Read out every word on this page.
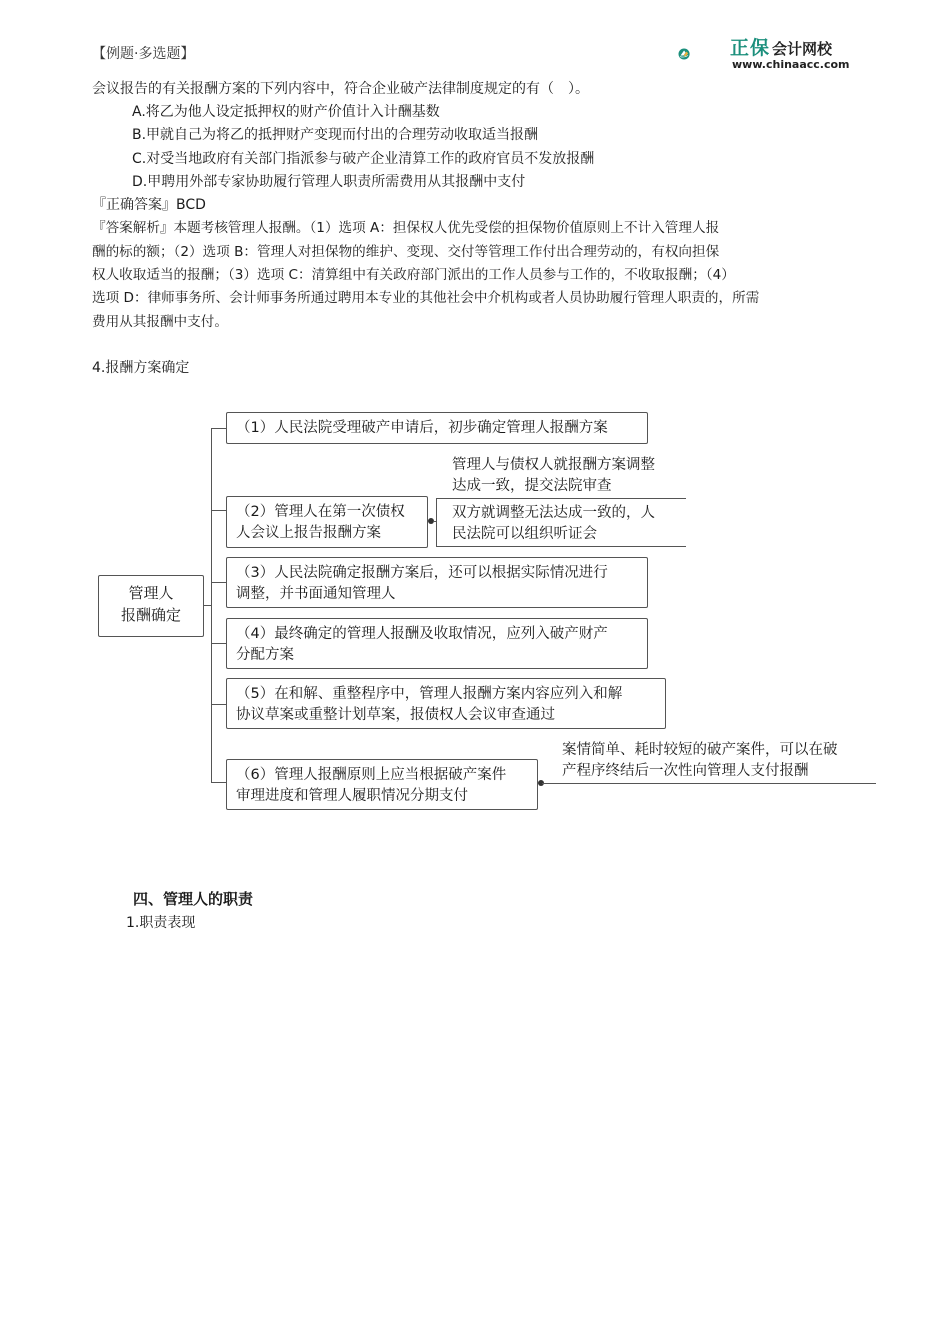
【例题·多选题】	正保 会计网校
www.chinaacc.com
会议报告的有关报酬方案的下列内容中，符合企业破产法律制度规定的有（　）。
A.将乙为他人设定抵押权的财产价值计入计酬基数
B.甲就自己为将乙的抵押财产变现而付出的合理劳动收取适当报酬
C.对受当地政府有关部门指派参与破产企业清算工作的政府官员不发放报酬
D.甲聘用外部专家协助履行管理人职责所需费用从其报酬中支付
『正确答案』BCD
『答案解析』本题考核管理人报酬。（1）选项 A：担保权人优先受偿的担保物价值原则上不计入管理人报
酬的标的额；（2）选项 B：管理人对担保物的维护、变现、交付等管理工作付出合理劳动的，有权向担保
权人收取适当的报酬；（3）选项 C：清算组中有关政府部门派出的工作人员参与工作的，不收取报酬；（4）
选项 D：律师事务所、会计师事务所通过聘用本专业的其他社会中介机构或者人员协助履行管理人职责的，所需
费用从其报酬中支付。
4.报酬方案确定
管理人
报酬确定
（1）人民法院受理破产申请后，初步确定管理人报酬方案
（2）管理人在第一次债权
人会议上报告报酬方案
管理人与债权人就报酬方案调整
达成一致，提交法院审查
双方就调整无法达成一致的，人
民法院可以组织听证会
（3）人民法院确定报酬方案后，还可以根据实际情况进行
调整，并书面通知管理人
（4）最终确定的管理人报酬及收取情况，应列入破产财产
分配方案
（5）在和解、重整程序中，管理人报酬方案内容应列入和解
协议草案或重整计划草案，报债权人会议审查通过
（6）管理人报酬原则上应当根据破产案件
审理进度和管理人履职情况分期支付
案情简单、耗时较短的破产案件，可以在破
产程序终结后一次性向管理人支付报酬
四、管理人的职责
1.职责表现
